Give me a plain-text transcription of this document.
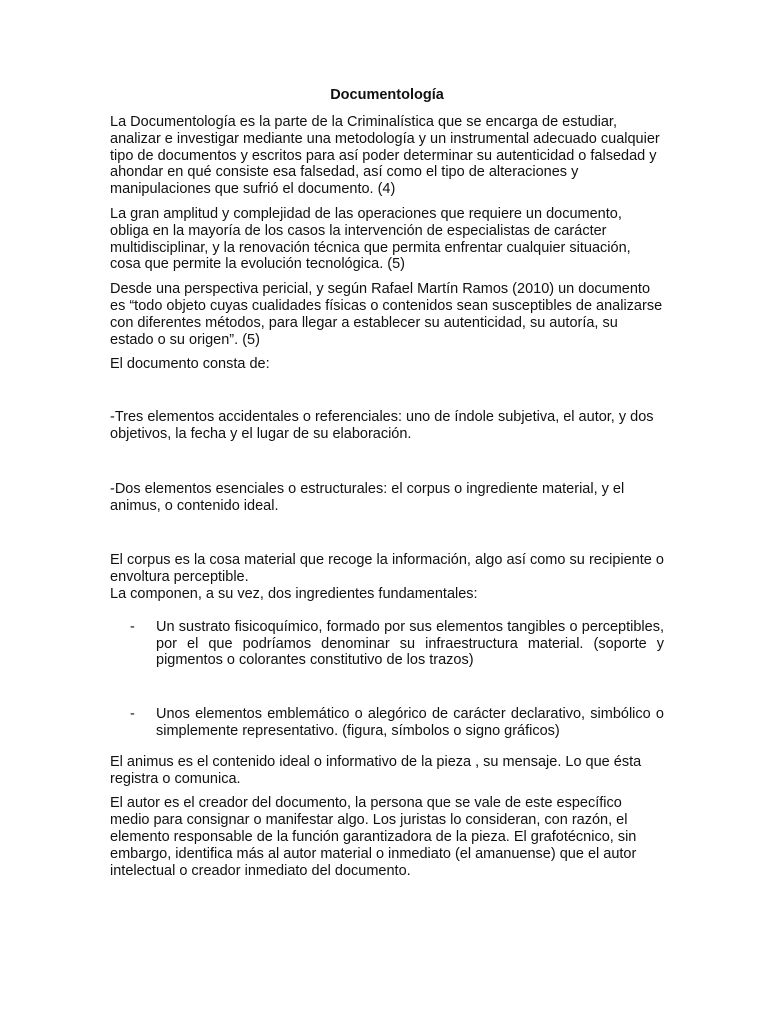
Documentología

La Documentología es la parte de la Criminalística que se encarga de estudiar, analizar e investigar mediante una metodología y un instrumental adecuado cualquier tipo de documentos y escritos para así poder determinar su autenticidad o falsedad y ahondar en qué consiste esa falsedad, así como el tipo de alteraciones y manipulaciones que sufrió el documento. (4)

La gran amplitud y complejidad de las operaciones que requiere un documento, obliga en la mayoría de los casos la intervención de especialistas de carácter multidisciplinar, y la renovación técnica que permita enfrentar cualquier situación, cosa que permite la evolución tecnológica. (5)

Desde una perspectiva pericial, y según Rafael Martín Ramos (2010) un documento es “todo objeto cuyas cualidades físicas o contenidos sean susceptibles de analizarse con diferentes métodos, para llegar a establecer su autenticidad, su autoría, su estado o su origen”. (5)

El documento consta de:

-Tres elementos accidentales o referenciales: uno de índole subjetiva, el autor, y dos objetivos, la fecha y el lugar de su elaboración.

-Dos elementos esenciales o estructurales: el corpus o ingrediente material, y el animus, o contenido ideal.

El corpus es la cosa material que recoge la información, algo así como su recipiente o envoltura perceptible.

La componen, a su vez, dos ingredientes fundamentales:

-	Un sustrato fisicoquímico, formado por sus elementos tangibles o perceptibles, por el que podríamos denominar su infraestructura material. (soporte y pigmentos o colorantes constitutivo de los trazos)
-	Unos elementos emblemático o alegórico de carácter declarativo, simbólico o simplemente representativo. (figura, símbolos o signo gráficos)

El animus es el contenido ideal o informativo de la pieza , su mensaje. Lo que ésta registra o comunica.

El autor es el creador del documento, la persona que se vale de este específico medio para consignar o manifestar algo. Los juristas lo consideran, con razón, el elemento responsable de la función garantizadora de la pieza. El grafotécnico, sin embargo, identifica más al autor material o inmediato (el amanuense) que el autor intelectual o creador inmediato del documento.
